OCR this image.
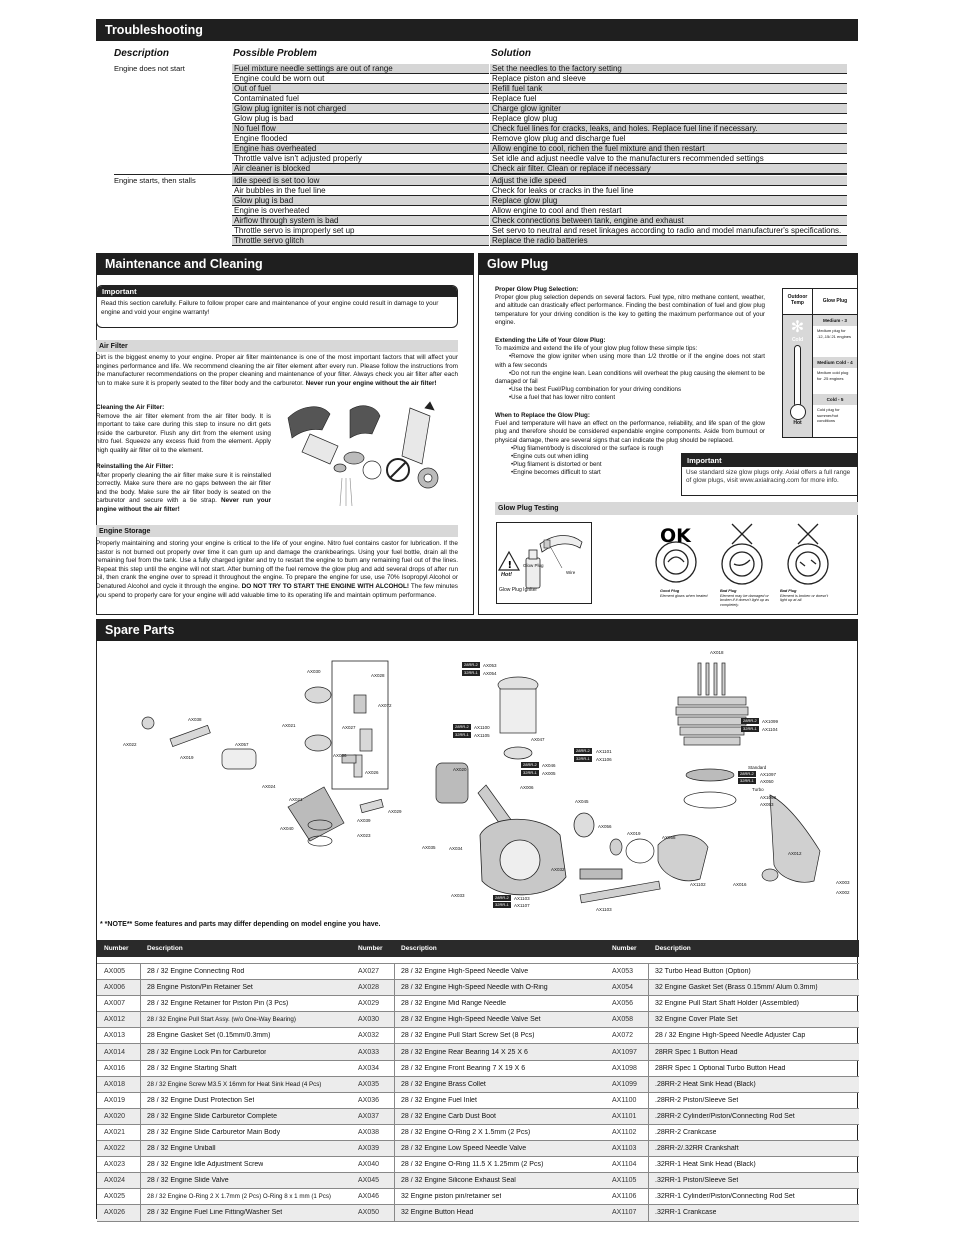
Troubleshooting
Description	Possible Problem	Solution
Engine does not start	Fuel mixture needle settings are out of range	Set the needles to the factory setting
Engine could be worn out	Replace piston and sleeve
Out of fuel	Refill fuel tank
Contaminated fuel	Replace fuel
Glow plug igniter is not charged	Charge glow igniter
Glow plug is bad	Replace glow plug
No fuel flow	Check fuel lines for cracks, leaks, and holes. Replace fuel line if necessary.
Engine flooded	Remove glow plug and discharge fuel
Engine has overheated	Allow engine to cool, richen the fuel mixture and then restart
Throttle valve isn't adjusted properly	Set idle and adjust needle valve to the manufacturers recommended settings
Air cleaner is blocked	Check air filter. Clean or replace if necessary
Engine starts, then stalls	Idle speed is set too low	Adjust the idle speed
Air bubbles in the fuel line	Check for leaks or cracks in the fuel line
Glow plug is bad	Replace glow plug
Engine is overheated	Allow engine to cool and then restart
Airflow through system is bad	Check connections between tank, engine and exhaust
Throttle servo is improperly set up	Set servo to neutral and reset linkages according to radio and model manufacturer's specifications.
Throttle servo glitch	Replace the radio batteries
Maintenance and Cleaning
Important
Read this section carefully. Failure to follow proper care and maintenance of your engine could result in damage to your engine and void your engine warranty!
Air Filter
Dirt is the biggest enemy to your engine. Proper air filter maintenance is one of the most important factors that will affect your engines performance and life. We recommend cleaning the air filter element after every run. Please follow the instructions from the manufacturer recommendations on the proper cleaning and maintenance of your filter. Always check you air filter after each run to make sure it is properly seated to the filter body and the carburetor. Never run your engine without the air filter!
Cleaning the Air Filter:
Remove the air filter element from the air filter body. It is important to take care during this step to insure no dirt gets inside the carburetor. Flush any dirt from the element using nitro fuel. Squeeze any excess fluid from the element. Apply high quality air filter oil to the element.
Reinstalling the Air Filter:
After properly cleaning the air filter make sure it is reinstalled correctly. Make sure there are no gaps between the air filter and the body. Make sure the air filter body is seated on the carburetor and secure with a tie strap. Never run your engine without the air filter!
Engine Storage
Properly maintaining and storing your engine is critical to the life of your engine. Nitro fuel contains castor for lubrication. If the castor is not burned out properly over time it can gum up and damage the crankbearings. Using your fuel bottle, drain all the remaining fuel from the tank. Use a fully charged igniter and try to restart the engine to burn any remaining fuel out of the lines. Repeat this step until the engine will not start. After burning off the fuel remove the glow plug and add several drops of after run oil, then crank the engine over to spread it throughout the engine. To prepare the engine for use, use 70% Isopropyl Alcohol or Denatured Alcohol and cycle it through the engine. DO NOT TRY TO START THE ENGINE WITH ALCOHOL! The few minutes you spend to properly care for your engine will add valuable time to its operating life and maintain optimum performance.
Glow Plug
Proper Glow Plug Selection:
Proper glow plug selection depends on several factors. Fuel type, nitro methane content, weather, and altitude can drastically effect performance. Finding the best combination of fuel and glow plug temperature for your driving condition is the key to getting the maximum performance out of your engine.
Extending the Life of Your Glow Plug:
To maximize and extend the life of your glow plug follow these simple tips:
•Remove the glow igniter when using more than 1/2 throttle or if the engine does not start with a few seconds
•Do not run the engine lean. Lean conditions will overheat the plug causing the element to be damaged or fail
•Use the best Fuel/Plug combination for your driving conditions
•Use a fuel that has lower nitro content
When to Replace the Glow Plug:
Fuel and temperature will have an effect on the performance, reliability, and life span of the glow plug and therefore should be considered expendable engine components. Aside from burnout or physical damage, there are several signs that can indicate the plug should be replaced.
•Plug filament/body is discolored or the surface is rough
•Engine cuts out when idling
•Plug filament is distorted or bent
•Engine becomes difficult to start
Outdoor Temp	Glow Plug
✻
Cold
Hot
Medium - 3
Medium plug for .12,.15/.21 engines
Medium Cold - 4
Medium cold plug for .25 engines
Cold - 5
Cold plug for summer/hot conditions
Important
Use standard size glow plugs only. Axial offers a full range of glow plugs, visit www.axialracing.com for more info.
Glow Plug Testing
!
Hot!
Glow Plug
Wire
Glow Plug Igniter
OK
Good Plug
Element glows when heated
Bad Plug
Element may be damaged or broken if it doesn't light up as completely.
Bad Plug
Element is broken or doesn't light up at all.
Spare Parts
AX030
AX028
AX072
AX027
AX038
AX022	AX057
AX019
AX021
AX036
AX026
AX024
AX021
AX040
AX029
AX023
AX039
AX053
AX054
AX1100
AX1105
AX047
AX1101
AX1106
AX020
AX046
AX005
AX006
AX018
AX1099
AX1104
Standard
AX1097
AX050
Turbo
AX1098
AX053
AX045
AX056
AX019
AX058
AX012
AX035	AX034
AX032
AX033
AX1102	AX016
AX002
AX003
AX1103
AX1107
AX1103
28RR-2
32RR-1
28RR-2
32RR-1
28RR-2
32RR-1
28RR-2
32RR-1
28RR-2
32RR-1
28RR-2
32RR-1
28RR-2
32RR-1
* *NOTE** Some features and parts may differ depending on model engine you have.
Number	Description
AX005	28 / 32 Engine Connecting Rod
AX006	28 Engine Piston/Pin Retainer Set
AX007	28 / 32 Engine Retainer for Piston Pin (3 Pcs)
AX012	28 / 32 Engine Pull Start Assy. (w/o One-Way Bearing)
AX013	28 Engine Gasket Set (0.15mm/0.3mm)
AX014	28 / 32 Engine Lock Pin for Carburetor
AX016	28 / 32 Engine Starting Shaft
AX018	28 / 32 Engine Screw M3.5 X 16mm for Heat Sink Head (4 Pcs)
AX019	28 / 32 Engine Dust Protection Set
AX020	28 / 32 Engine Slide Carburetor Complete
AX021	28 / 32 Engine Slide Carburetor Main Body
AX022	28 / 32 Engine Uniball
AX023	28 / 32 Engine Idle Adjustment Screw
AX024	28 / 32 Engine Slide Valve
AX025	28 / 32 Engine O-Ring 2 X 1.7mm (2 Pcs) O-Ring 8 x 1 mm (1 Pcs)
AX026	28 / 32 Engine Fuel Line Fitting/Washer Set
Number	Description
AX027	28 / 32 Engine High-Speed Needle Valve
AX028	28 / 32 Engine High-Speed Needle with O-Ring
AX029	28 / 32 Engine Mid Range Needle
AX030	28 / 32 Engine High-Speed Needle Valve Set
AX032	28 / 32 Engine Pull Start Screw Set (8 Pcs)
AX033	28 / 32 Engine Rear Bearing 14 X 25 X 6
AX034	28 / 32 Engine Front Bearing 7 X 19 X 6
AX035	28 / 32 Engine Brass Collet
AX036	28 / 32 Engine Fuel Inlet
AX037	28 / 32 Engine Carb Dust Boot
AX038	28 / 32 Engine O-Ring 2 X 1.5mm (2 Pcs)
AX039	28 / 32 Engine Low Speed Needle Valve
AX040	28 / 32 Engine O-Ring 11.5 X 1.25mm (2 Pcs)
AX045	28 / 32 Engine Silicone Exhaust Seal
AX046	32 Engine piston pin/retainer set
AX050	32 Engine Button Head
Number	Description
AX053	32 Turbo Head Button (Option)
AX054	32 Engine Gasket Set (Brass 0.15mm/ Alum 0.3mm)
AX056	32 Engine Pull Start Shaft Holder (Assembled)
AX058	32 Engine Cover Plate Set
AX072	28 / 32 Engine High-Speed Needle Adjuster Cap
AX1097	28RR Spec 1 Button Head
AX1098	28RR Spec 1 Optional Turbo Button Head
AX1099	.28RR-2 Heat Sink Head (Black)
AX1100	.28RR-2 Piston/Sleeve Set
AX1101	.28RR-2 Cylinder/Piston/Connecting Rod Set
AX1102	.28RR-2 Crankcase
AX1103	.28RR-2/.32RR Crankshaft
AX1104	.32RR-1 Heat Sink Head (Black)
AX1105	.32RR-1 Piston/Sleeve Set
AX1106	.32RR-1 Cylinder/Piston/Connecting Rod Set
AX1107	.32RR-1 Crankcase
